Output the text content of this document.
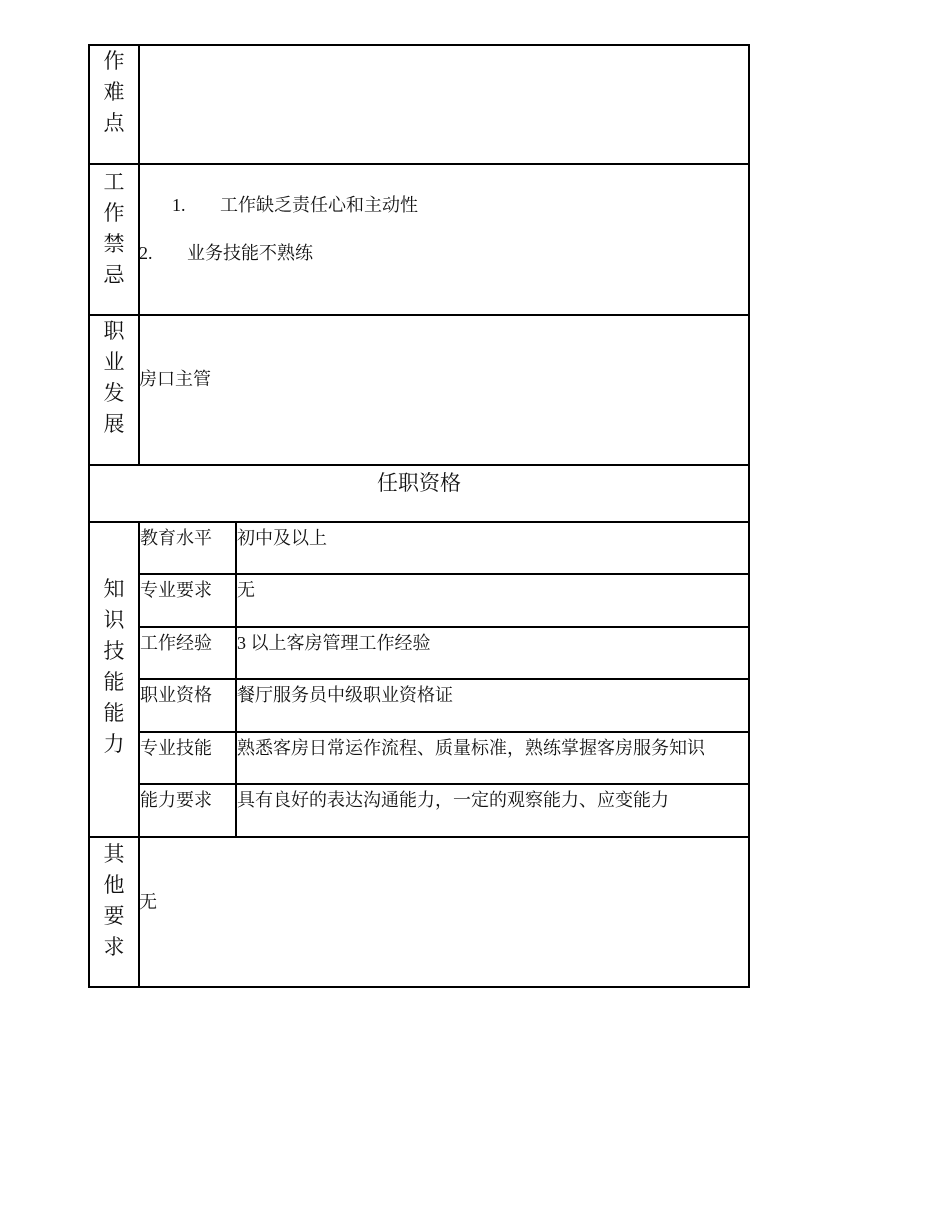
作
难
点
工
作
禁
忌
1. 工作缺乏责任心和主动性
2. 业务技能不熟练
职
业
发
展
房口主管
任职资格
知
识
技
能
能
力
教育水平 初中及以上
专业要求 无
工作经验 3 以上客房管理工作经验
职业资格 餐厅服务员中级职业资格证
专业技能 熟悉客房日常运作流程、质量标准，熟练掌握客房服务知识
能力要求 具有良好的表达沟通能力，一定的观察能力、应变能力
其
他
要
求
无
